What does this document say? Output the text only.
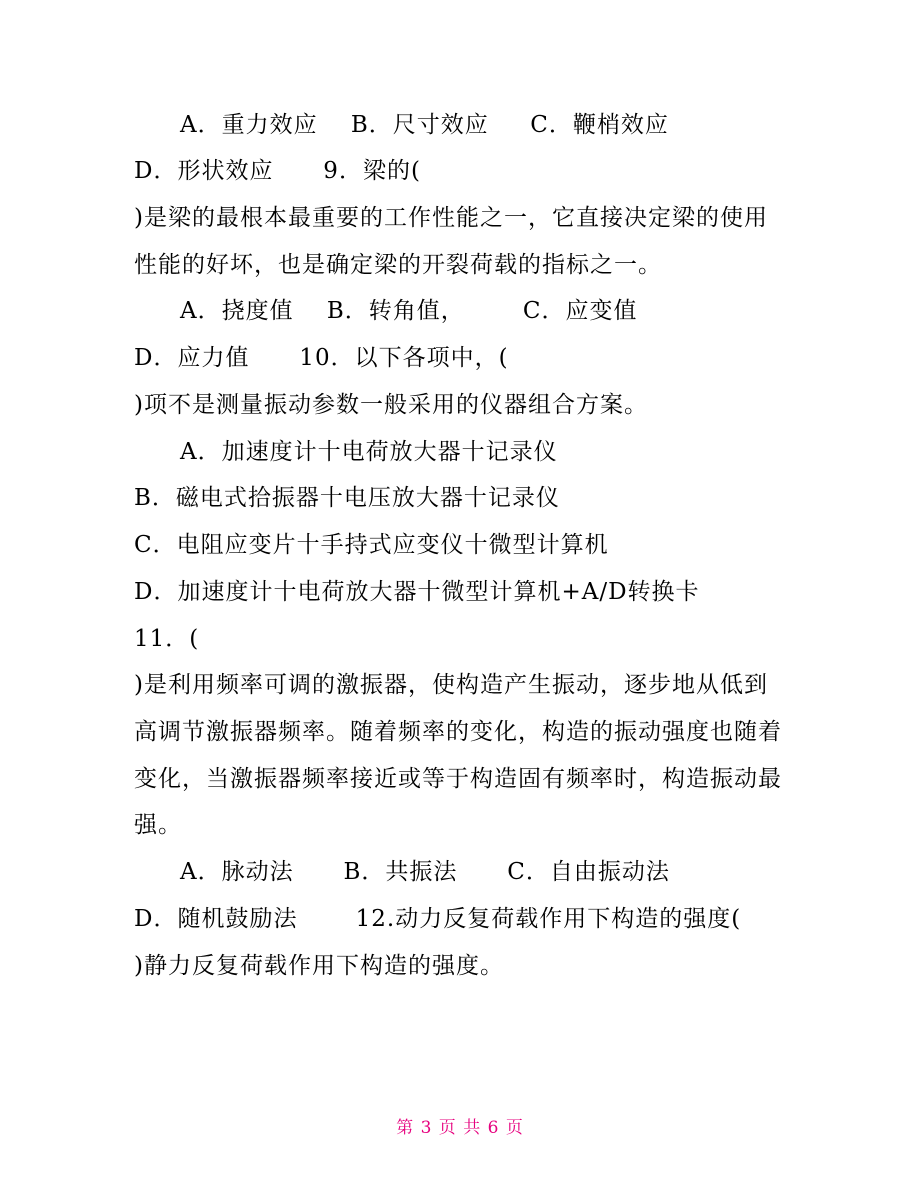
A．重力效应    B．尺寸效应     C．鞭梢效应
D．形状效应      9．梁的(
)是梁的最根本最重要的工作性能之一，它直接决定梁的使用
性能的好坏，也是确定梁的开裂荷载的指标之一。
A．挠度值    B．转角值，       C．应变值
D．应力值      10．以下各项中，(
)项不是测量振动参数一般采用的仪器组合方案。
A．加速度计十电荷放大器十记录仪
B．磁电式拾振器十电压放大器十记录仪
C．电阻应变片十手持式应变仪十微型计算机
D．加速度计十电荷放大器十微型计算机+A/D转换卡
11．(
)是利用频率可调的激振器，使构造产生振动，逐步地从低到
高调节激振器频率。随着频率的变化，构造的振动强度也随着
变化，当激振器频率接近或等于构造固有频率时，构造振动最
强。
A．脉动法      B．共振法      C．自由振动法
D．随机鼓励法       12.动力反复荷载作用下构造的强度(
)静力反复荷载作用下构造的强度。
第 3 页 共 6 页
